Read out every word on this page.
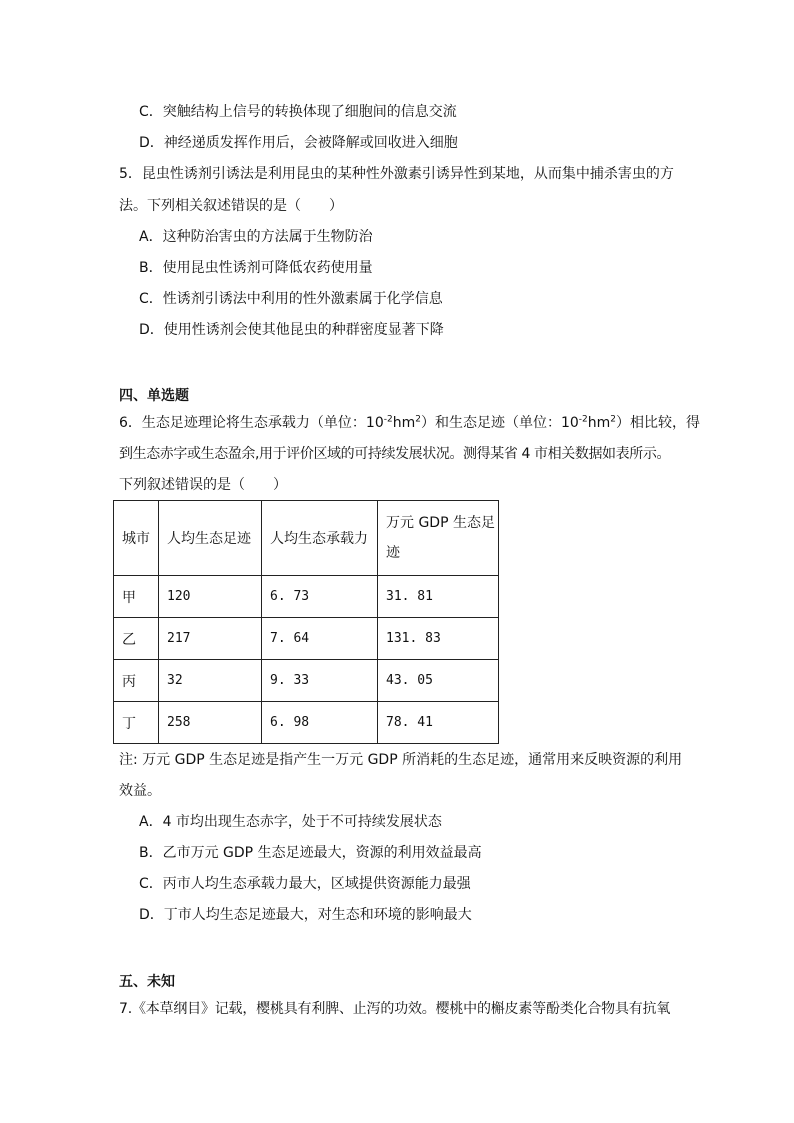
C．突触结构上信号的转换体现了细胞间的信息交流
D．神经递质发挥作用后，会被降解或回收进入细胞
5．昆虫性诱剂引诱法是利用昆虫的某种性外激素引诱异性到某地，从而集中捕杀害虫的方
法。下列相关叙述错误的是（　　）
A．这种防治害虫的方法属于生物防治
B．使用昆虫性诱剂可降低农药使用量
C．性诱剂引诱法中利用的性外激素属于化学信息
D．使用性诱剂会使其他昆虫的种群密度显著下降
四、单选题
6．生态足迹理论将生态承载力（单位：$10^{-2}hm^2$）和生态足迹（单位：$10^{-2}hm^2$）相比较，得
到生态赤字或生态盈余,用于评价区域的可持续发展状况。测得某省 4 市相关数据如表所示。
下列叙述错误的是（　　）
城市	人均生态足迹	人均生态承载力	万元 GDP 生态足
迹
甲	120	6. 73	31. 81
乙	217	7. 64	131. 83
丙	32	9. 33	43. 05
丁	258	6. 98	78. 41
注: 万元 GDP 生态足迹是指产生一万元 GDP 所消耗的生态足迹，通常用来反映资源的利用
效益。
A．4 市均出现生态赤字，处于不可持续发展状态
B．乙市万元 GDP 生态足迹最大，资源的利用效益最高
C．丙市人均生态承载力最大，区域提供资源能力最强
D．丁市人均生态足迹最大，对生态和环境的影响最大
五、未知
7.《本草纲目》记载，樱桃具有利脾、止泻的功效。樱桃中的槲皮素等酚类化合物具有抗氧
